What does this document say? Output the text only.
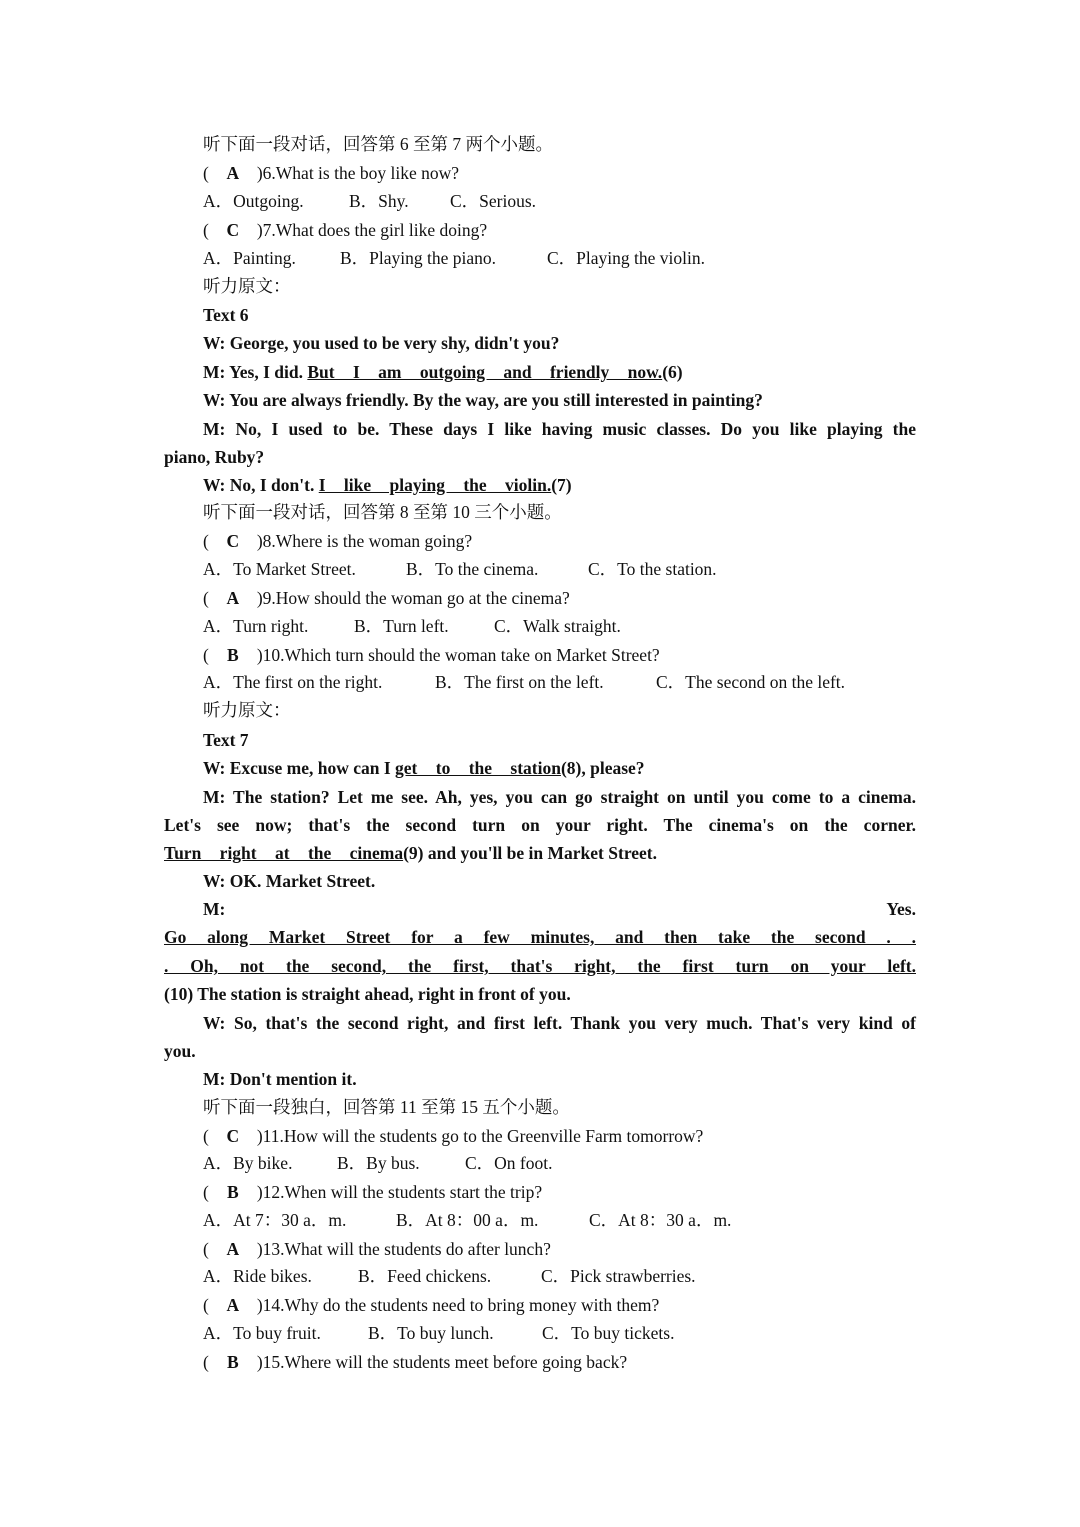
听下面一段对话，回答第 6 至第 7 两个小题。
( A )6.What is the boy like now?
A．Outgoing.	B．Shy. C．Serious.
( C )7.What does the girl like doing?
A．Painting.	B．Playing the piano.	C．Playing the violin.
听力原文：
Text 6
W: George, you used to be very shy, didn't you?
M: Yes, I did. But I am outgoing and friendly now.(6)
W: You are always friendly. By the way, are you still interested in painting?
M: No, I used to be. These days I like having music classes. Do you like playing the
piano, Ruby?
W: No, I don't. I like playing the violin.(7)
听下面一段对话，回答第 8 至第 10 三个小题。
( C )8.Where is the woman going?
A．To Market Street.	B．To the cinema.	C．To the station.
( A )9.How should the woman go at the cinema?
A．Turn right.	B．Turn left.	C．Walk straight.
( B )10.Which turn should the woman take on Market Street?
A．The first on the right.	B．The first on the left.	C．The second on the left.
听力原文：
Text 7
W: Excuse me, how can I get to the station(8), please?
M: The station? Let me see. Ah, yes, you can go straight on until you come to a cinema.
Let's see now; that's the second turn on your right. The cinema's on the corner.
Turn right at the cinema(9) and you'll be in Market Street.
W: OK. Market Street.
M:	Yes.
Go along Market Street for a few minutes, and then take the second . .
. Oh, not the second, the first, that's right, the first turn on your left.
(10) The station is straight ahead, right in front of you.
W: So, that's the second right, and first left. Thank you very much. That's very kind of
you.
M: Don't mention it.
听下面一段独白，回答第 11 至第 15 五个小题。
( C )11.How will the students go to the Greenville Farm tomorrow?
A．By bike.	B．By bus.	C．On foot.
( B )12.When will the students start the trip?
A．At 7：30 a．m.	B．At 8：00 a．m.	C．At 8：30 a．m.
( A )13.What will the students do after lunch?
A．Ride bikes.	B．Feed chickens.	C．Pick strawberries.
( A )14.Why do the students need to bring money with them?
A．To buy fruit.	B．To buy lunch.	C．To buy tickets.
( B )15.Where will the students meet before going back?
